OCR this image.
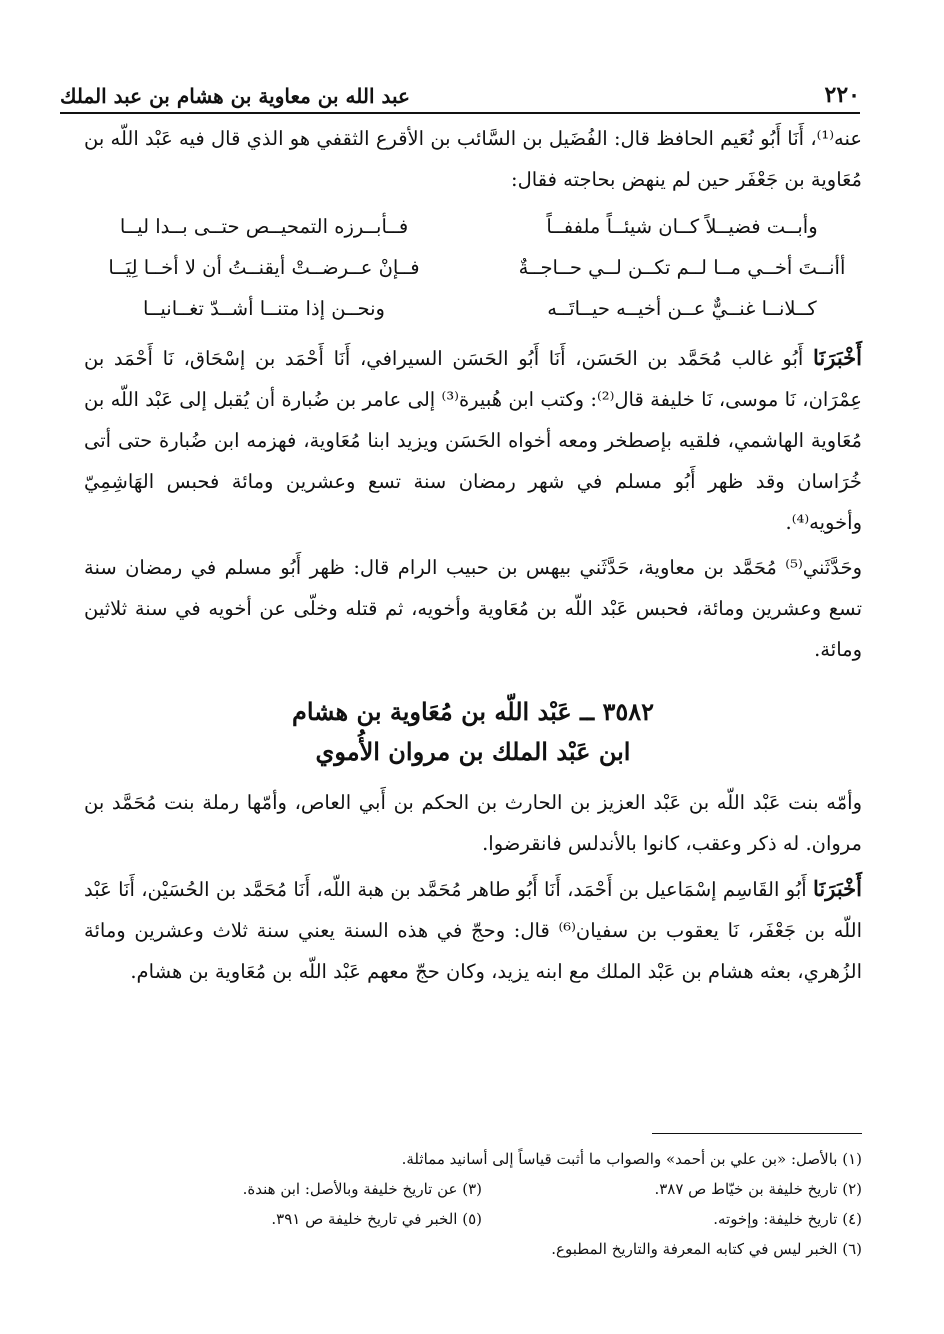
٢٢٠
عبد الله بن معاوية بن هشام بن عبد الملك

عنه⁽¹⁾، أَنَا أَبُو نُعَيم الحافظ قال: الفُضَيل بن السَّائب بن الأقرع الثقفي هو الذي قال فيه عَبْد اللّه بن مُعَاوية بن جَعْفَر حين لم ينهض بحاجته فقال:

وأبــت فضيــلاً كــان شيئــاً ملففــاً
فــأبــرزه التمحيــص حتــى بــدا ليــا
أأنــتَ أخــي مــا لــم تكــن لــي حــاجــةٌ
فــإنْ عــرضــتْ أيقنــتُ أن لا أخــا لِيَــا
كــلانــا غنــيٌّ عــن أخيــه حيــاتَــه
ونحــن إذا متنــا أشــدّ تغــانيــا

أَخْبَرَنَا أَبُو غالب مُحَمَّد بن الحَسَن، أَنَا أَبُو الحَسَن السيرافي، أَنَا أَحْمَد بن إسْحَاق، نَا أَحْمَد بن عِمْرَان، نَا موسى، نَا خليفة قال⁽²⁾: وكتب ابن هُبيرة⁽³⁾ إلى عامر بن ضُبارة أن يُقبل إلى عَبْد اللّه بن مُعَاوية الهاشمي، فلقيه بإصطخر ومعه أخواه الحَسَن ويزيد ابنا مُعَاوية، فهزمه ابن ضُبارة حتى أتى خُرَاسان وقد ظهر أَبُو مسلم في شهر رمضان سنة تسع وعشرين ومائة فحبس الهَاشِمِيّ وأخويه⁽⁴⁾.

وحَدَّثَني⁽⁵⁾ مُحَمَّد بن معاوية، حَدَّثَني بيهس بن حبيب الرام قال: ظهر أَبُو مسلم في رمضان سنة تسع وعشرين ومائة، فحبس عَبْد اللّه بن مُعَاوية وأخويه، ثم قتله وخلّى عن أخويه في سنة ثلاثين ومائة.

٣٥٨٢ ــ عَبْد اللّه بن مُعَاوية بن هشام
ابن عَبْد الملك بن مروان الأُموي

وأمّه بنت عَبْد اللّه بن عَبْد العزيز بن الحارث بن الحكم بن أَبي العاص، وأمّها رملة بنت مُحَمَّد بن مروان. له ذكر وعقب، كانوا بالأندلس فانقرضوا.

أَخْبَرَنَا أَبُو القَاسِم إسْمَاعيل بن أَحْمَد، أَنَا أَبُو طاهر مُحَمَّد بن هبة اللّه، أَنَا مُحَمَّد بن الحُسَيْن، أَنَا عَبْد اللّه بن جَعْفَر، نَا يعقوب بن سفيان⁽⁶⁾ قال: وحجّ في هذه السنة يعني سنة ثلاث وعشرين ومائة الزُهري، بعثه هشام بن عَبْد الملك مع ابنه يزيد، وكان حجّ معهم عَبْد اللّه بن مُعَاوية بن هشام.

(١) بالأصل: «بن علي بن أحمد» والصواب ما أثبت قياساً إلى أسانيد مماثلة.
(٢) تاريخ خليفة بن خيّاط ص ٣٨٧.
(٣) عن تاريخ خليفة وبالأصل: ابن هندة.
(٤) تاريخ خليفة: وإخوته.
(٥) الخبر في تاريخ خليفة ص ٣٩١.
(٦) الخبر ليس في كتابه المعرفة والتاريخ المطبوع.
